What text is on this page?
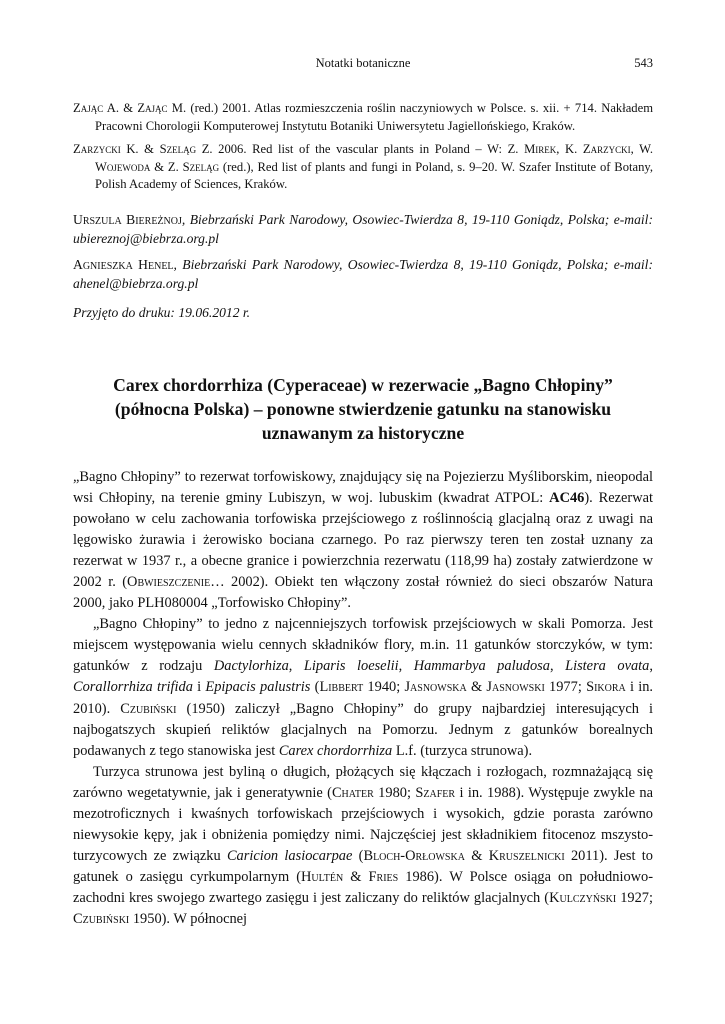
Notatki botaniczne	543

Zając A. & Zając M. (red.) 2001. Atlas rozmieszczenia roślin naczyniowych w Polsce. s. xii. + 714. Nakładem Pracowni Chorologii Komputerowej Instytutu Botaniki Uniwersytetu Jagiellońskiego, Kraków.

Zarzycki K. & Szeląg Z. 2006. Red list of the vascular plants in Poland – W: Z. Mirek, K. Zarzycki, W. Wojewoda & Z. Szeląg (red.), Red list of plants and fungi in Poland, s. 9–20. W. Szafer Institute of Botany, Polish Academy of Sciences, Kraków.

Urszula Biereżnoj, Biebrzański Park Narodowy, Osowiec-Twierdza 8, 19-110 Goniądz, Polska; e-mail: ubiereznoj@biebrza.org.pl

Agnieszka Henel, Biebrzański Park Narodowy, Osowiec-Twierdza 8, 19-110 Goniądz, Polska; e-mail: ahenel@biebrza.org.pl

Przyjęto do druku: 19.06.2012 r.
Carex chordorrhiza (Cyperaceae) w rezerwacie „Bagno Chłopiny”
(północna Polska) – ponowne stwierdzenie gatunku na stanowisku
uznawanym za historyczne

„Bagno Chłopiny” to rezerwat torfowiskowy, znajdujący się na Pojezierzu Myśliborskim, nieopodal wsi Chłopiny, na terenie gminy Lubiszyn, w woj. lubuskim (kwadrat ATPOL: AC46). Rezerwat powołano w celu zachowania torfowiska przejściowego z roślinnością glacjalną oraz z uwagi na lęgowisko żurawia i żerowisko bociana czarnego. Po raz pierwszy teren ten został uznany za rezerwat w 1937 r., a obecne granice i powierzchnia rezerwatu (118,99 ha) zostały zatwierdzone w 2002 r. (Obwieszczenie… 2002). Obiekt ten włączony został również do sieci obszarów Natura 2000, jako PLH080004 „Torfowisko Chłopiny”.

„Bagno Chłopiny” to jedno z najcenniejszych torfowisk przejściowych w skali Pomorza. Jest miejscem występowania wielu cennych składników flory, m.in. 11 gatunków storczyków, w tym: gatunków z rodzaju Dactylorhiza, Liparis loeselii, Hammarbya paludosa, Listera ovata, Corallorrhiza trifida i Epipacis palustris (Libbert 1940; Jasnowska & Jasnowski 1977; Sikora i in. 2010). Czubiński (1950) zaliczył „Bagno Chłopiny” do grupy najbardziej interesujących i najbogatszych skupień reliktów glacjalnych na Pomorzu. Jednym z gatunków borealnych podawanych z tego stanowiska jest Carex chordorrhiza L.f. (turzyca strunowa).

Turzyca strunowa jest byliną o długich, płożących się kłączach i rozłogach, rozmnażającą się zarówno wegetatywnie, jak i generatywnie (Chater 1980; Szafer i in. 1988). Występuje zwykle na mezotroficznych i kwaśnych torfowiskach przejściowych i wysokich, gdzie porasta zarówno niewysokie kępy, jak i obniżenia pomiędzy nimi. Najczęściej jest składnikiem fitocenoz mszysto-turzycowych ze związku Caricion lasiocarpae (Bloch-Orłowska & Kruszelnicki 2011). Jest to gatunek o zasięgu cyrkumpolarnym (Hultén & Fries 1986). W Polsce osiąga on południowo-zachodni kres swojego zwartego zasięgu i jest zaliczany do reliktów glacjalnych (Kulczyński 1927; Czubiński 1950). W północnej
